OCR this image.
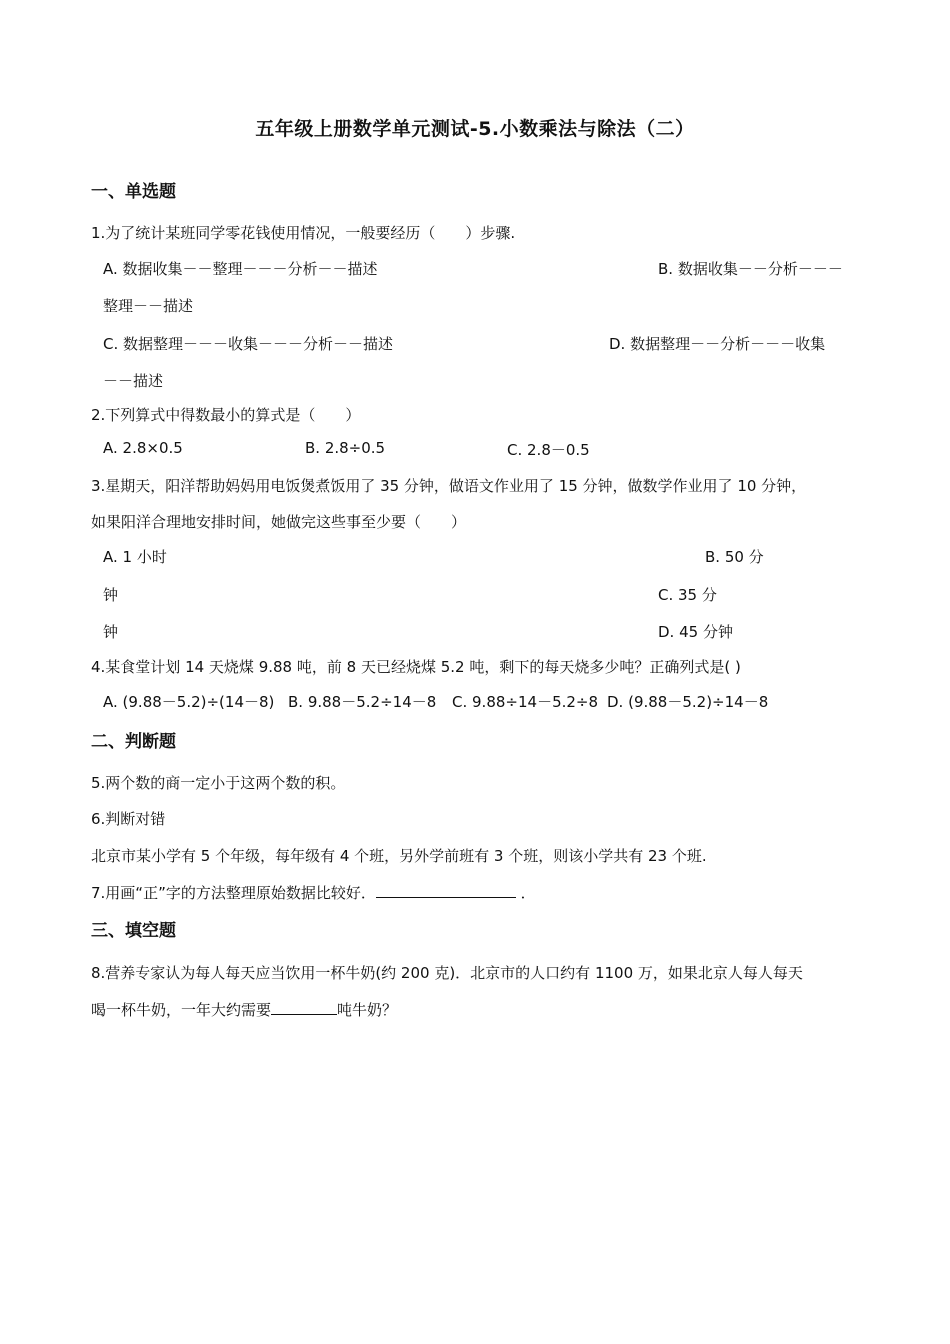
五年级上册数学单元测试-5.小数乘法与除法（二）
一、单选题
1.为了统计某班同学零花钱使用情况，一般要经历（　　）步骤.
A. 数据收集－－整理－－－分析－－描述	B. 数据收集－－分析－－－
整理－－描述
C. 数据整理－－－收集－－－分析－－描述	D. 数据整理－－分析－－－收集
－－描述
2.下列算式中得数最小的算式是（　　）
A. 2.8×0.5	B. 2.8÷0.5	C. 2.8－0.5
3.星期天，阳洋帮助妈妈用电饭煲煮饭用了 35 分钟，做语文作业用了 15 分钟，做数学作业用了 10 分钟，
如果阳洋合理地安排时间，她做完这些事至少要（　　）
A. 1 小时	B. 50 分
钟	C. 35 分
钟	D. 45 分钟
4.某食堂计划 14 天烧煤 9.88 吨，前 8 天已经烧煤 5.2 吨，剩下的每天烧多少吨？正确列式是( )
A. (9.88－5.2)÷(14－8) B. 9.88－5.2÷14－8 C. 9.88÷14－5.2÷8 D. (9.88－5.2)÷14－8
二、判断题
5.两个数的商一定小于这两个数的积。
6.判断对错
北京市某小学有 5 个年级，每年级有 4 个班，另外学前班有 3 个班，则该小学共有 23 个班.
7.用画“正”字的方法整理原始数据比较好．	．
三、填空题
8.营养专家认为每人每天应当饮用一杯牛奶(约 200 克)．北京市的人口约有 1100 万，如果北京人每人每天
喝一杯牛奶，一年大约需要	吨牛奶？
